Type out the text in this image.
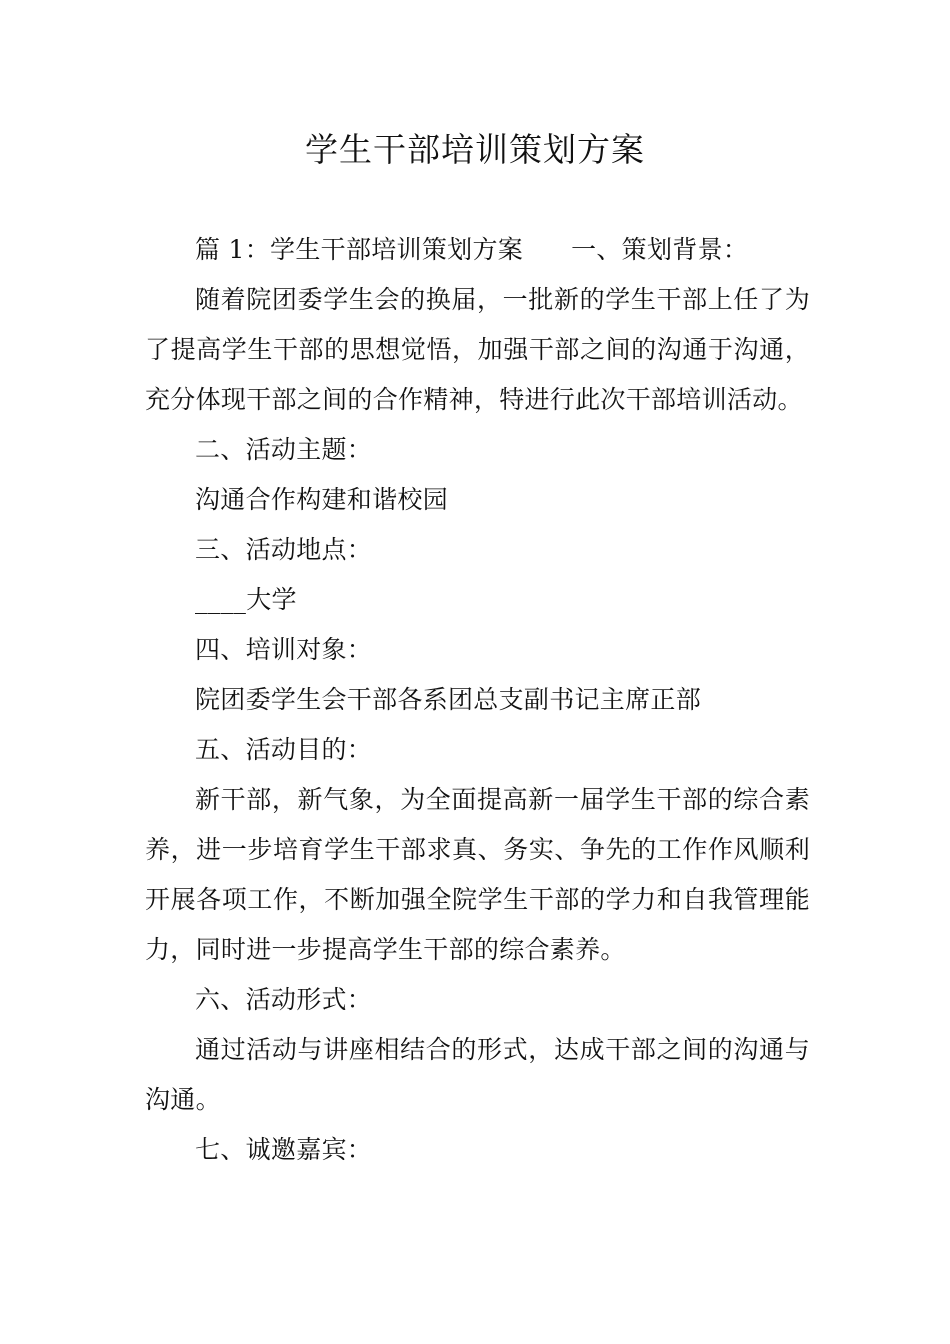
学生干部培训策划方案

篇 1：学生干部培训策划方案 一、策划背景：

随着院团委学生会的换届，一批新的学生干部上任了为了提高学生干部的思想觉悟，加强干部之间的沟通于沟通，充分体现干部之间的合作精神，特进行此次干部培训活动。

二、活动主题：

沟通合作构建和谐校园

三、活动地点：

____大学

四、培训对象：

院团委学生会干部各系团总支副书记主席正部

五、活动目的：

新干部，新气象，为全面提高新一届学生干部的综合素养，进一步培育学生干部求真、务实、争先的工作作风顺利开展各项工作，不断加强全院学生干部的学力和自我管理能力，同时进一步提高学生干部的综合素养。

六、活动形式：

通过活动与讲座相结合的形式，达成干部之间的沟通与沟通。

七、诚邀嘉宾：
